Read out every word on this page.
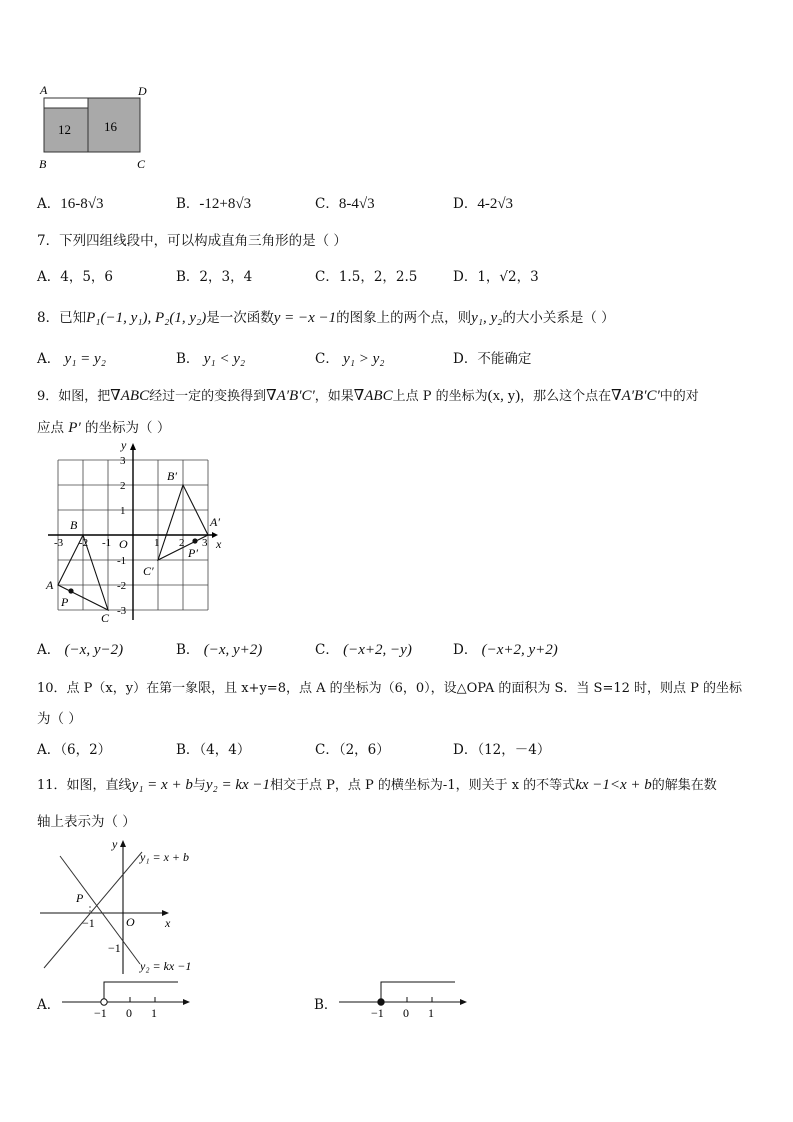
A	D
B	C
12	16
A．16-8√3	B．-12+8√3	C．8-4√3	D．4-2√3
7．下列四组线段中，可以构成直角三角形的是（ ）
A．4，5，6	B．2，3，4	C．1.5，2，2.5	D．1，√2，3
8．已知P₁(−1, y₁), P₂(1, y₂)是一次函数y = −x −1的图象上的两个点，则y₁, y₂的大小关系是（ ）
A． y₁ = y₂	B． y₁ < y₂	C． y₁ > y₂	D．不能确定
9．如图，把∇ABC经过一定的变换得到∇A′B′C′，如果∇ABC上点 P 的坐标为(x, y)，那么这个点在∇A′B′C′中的对
应点 P′ 的坐标为（ ）
y
x
O
-3 -2 -1	1 2 3
3
2
1
-1
-2
-3
A
B
C
P
A′
B′
C′
P′
A． (−x, y−2)	B． (−x, y+2)	C． (−x+2, −y)	D． (−x+2, y+2)
10．点 P（x，y）在第一象限，且 x+y=8，点 A 的坐标为（6，0），设△OPA 的面积为 S．当 S=12 时，则点 P 的坐标
为（ ）
A．（6，2）	B．（4，4）	C．（2，6）	D．（12，－4）
11．如图，直线y₁ = x + b与y₂ = kx −1相交于点 P，点 P 的横坐标为-1，则关于 x 的不等式kx −1<x + b的解集在数
轴上表示为（ ）
y
x
O
P
−1
−1
y₁ = x + b
y₂ = kx −1
A．	−1 0 1	B．	−1 0 1
